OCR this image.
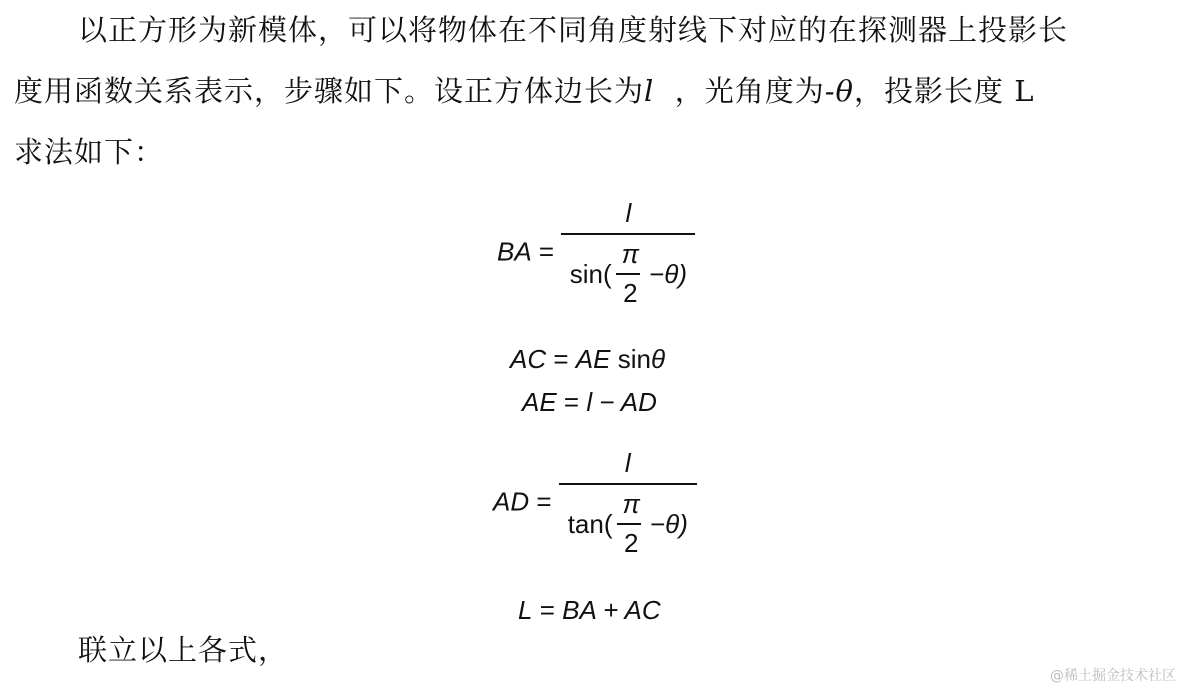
以正方形为新模体，可以将物体在不同角度射线下对应的在探测器上投影长
度用函数关系表示，步骤如下。设正方体边长为l ，光角度为-θ，投影长度 L
求法如下：
BA = $\frac{l}{\sin( \frac{\pi}{2} -\theta)}$
AC = AE sinθ
AE = l − AD
AD = $\frac{l}{\tan( \frac{\pi}{2} -\theta)}$
L = BA + AC
联立以上各式，
@稀土掘金技术社区
